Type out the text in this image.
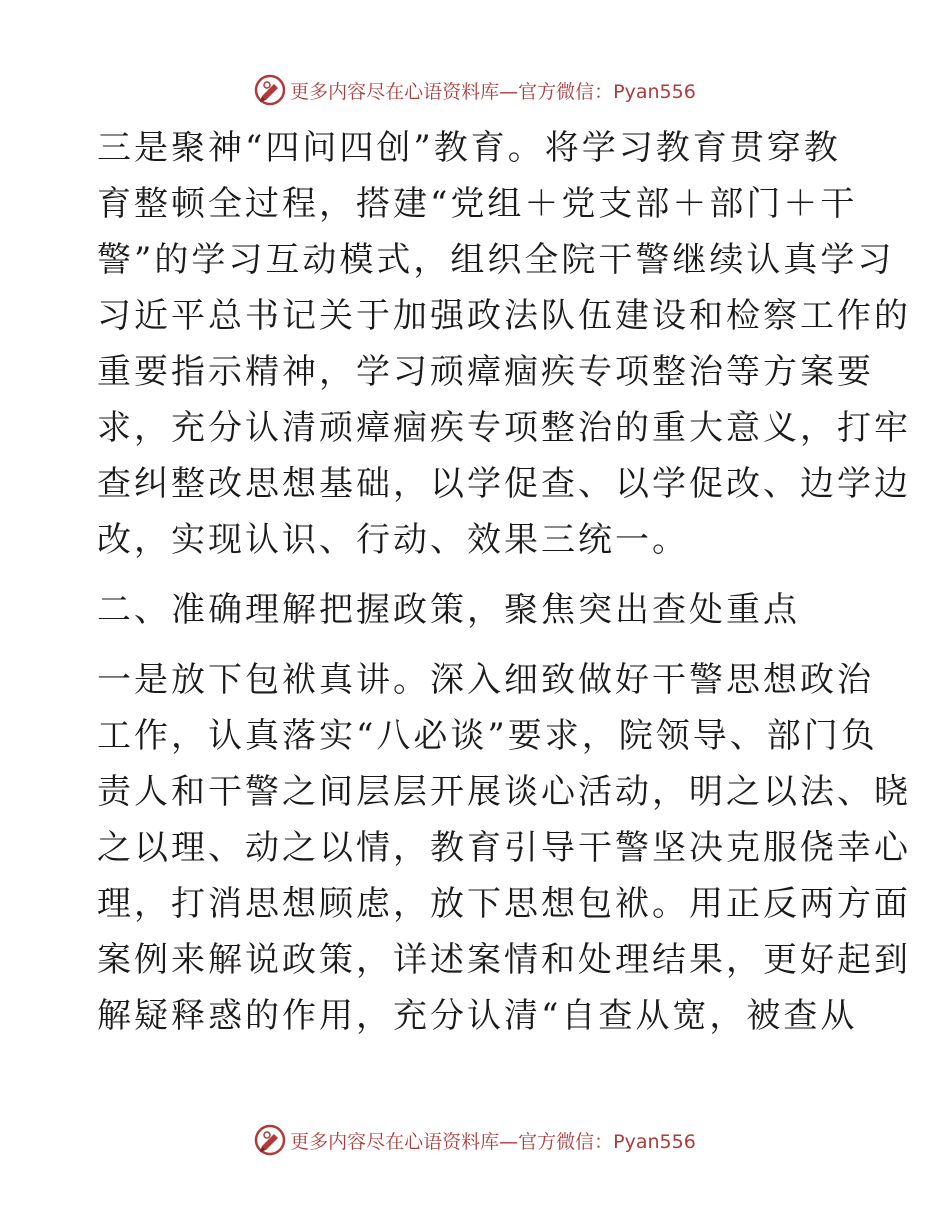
更多内容尽在心语资料库—官方微信：Pyan556

三是聚神“四问四创”教育。将学习教育贯穿教
育整顿全过程，搭建“党组＋党支部＋部门＋干
警”的学习互动模式，组织全院干警继续认真学习
习近平总书记关于加强政法队伍建设和检察工作的
重要指示精神，学习顽瘴痼疾专项整治等方案要
求，充分认清顽瘴痼疾专项整治的重大意义，打牢
查纠整改思想基础，以学促查、以学促改、边学边
改，实现认识、行动、效果三统一。

二、准确理解把握政策，聚焦突出查处重点

一是放下包袱真讲。深入细致做好干警思想政治
工作，认真落实“八必谈”要求，院领导、部门负
责人和干警之间层层开展谈心活动，明之以法、晓
之以理、动之以情，教育引导干警坚决克服侥幸心
理，打消思想顾虑，放下思想包袱。用正反两方面
案例来解说政策，详述案情和处理结果，更好起到
解疑释惑的作用，充分认清“自查从宽，被查从

更多内容尽在心语资料库—官方微信：Pyan556
